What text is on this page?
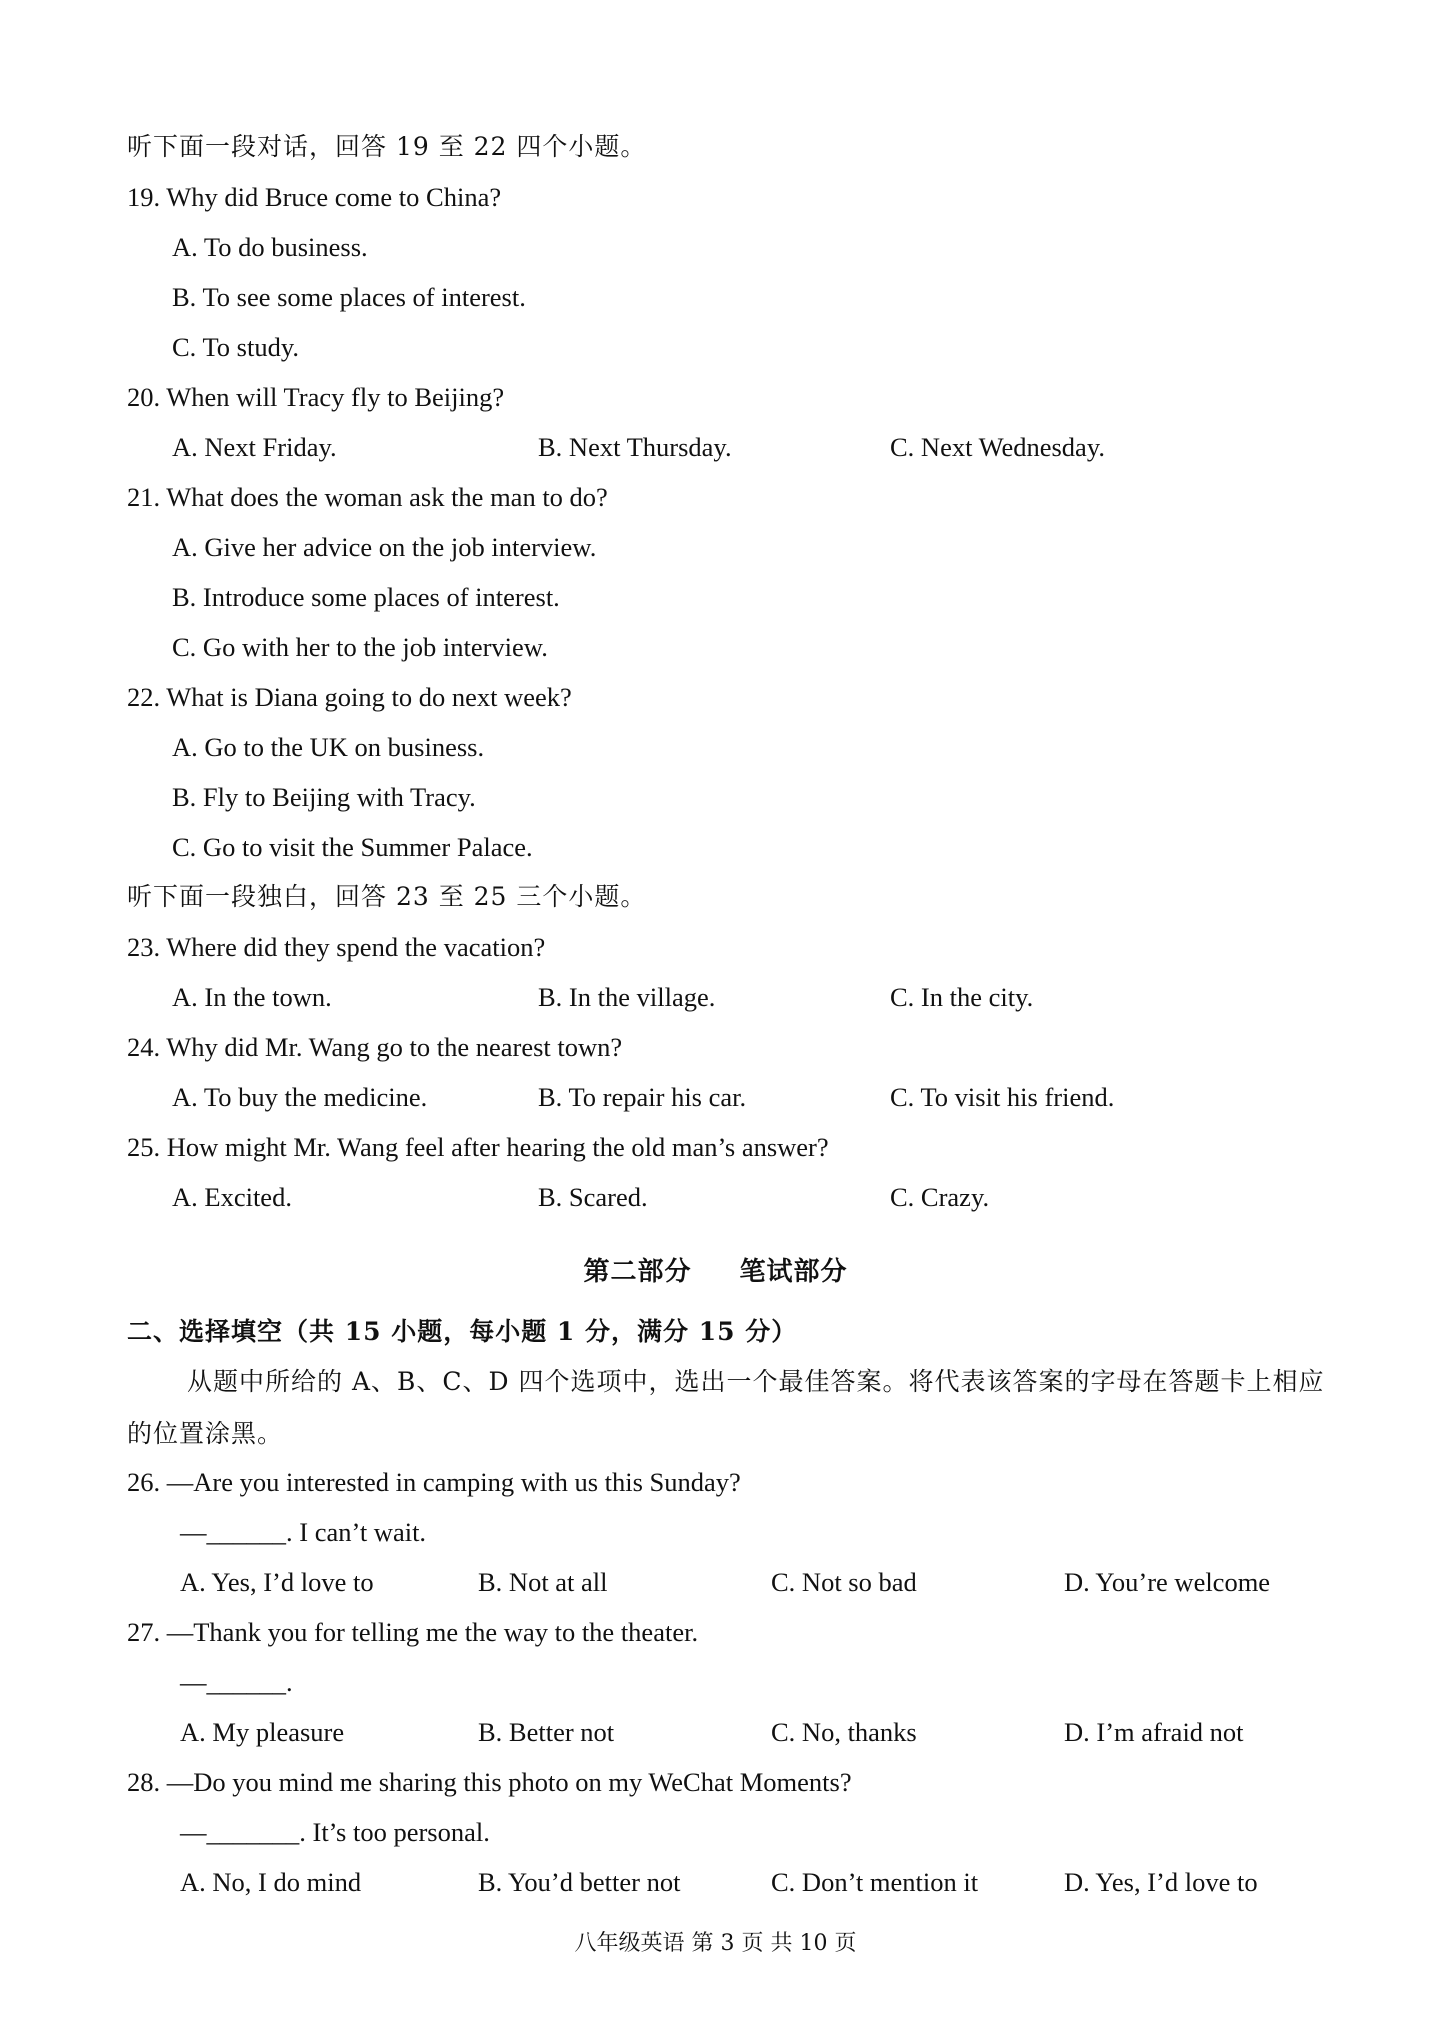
听下面一段对话，回答 19 至 22 四个小题。
19. Why did Bruce come to China?
A. To do business.
B. To see some places of interest.
C. To study.
20. When will Tracy fly to Beijing?
A. Next Friday.	B. Next Thursday.	C. Next Wednesday.
21. What does the woman ask the man to do?
A. Give her advice on the job interview.
B. Introduce some places of interest.
C. Go with her to the job interview.
22. What is Diana going to do next week?
A. Go to the UK on business.
B. Fly to Beijing with Tracy.
C. Go to visit the Summer Palace.
听下面一段独白，回答 23 至 25 三个小题。
23. Where did they spend the vacation?
A. In the town.	B. In the village.	C. In the city.
24. Why did Mr. Wang go to the nearest town?
A. To buy the medicine.	B. To repair his car.	C. To visit his friend.
25. How might Mr. Wang feel after hearing the old man’s answer?
A. Excited.	B. Scared.	C. Crazy.
第二部分 笔试部分
二、选择填空（共 15 小题，每小题 1 分，满分 15 分）
从题中所给的 A、B、C、D 四个选项中，选出一个最佳答案。将代表该答案的字母在答题卡上相应的位置涂黑。
26. —Are you interested in camping with us this Sunday?
—______. I can’t wait.
A. Yes, I’d love to	B. Not at all	C. Not so bad	D. You’re welcome
27. —Thank you for telling me the way to the theater.
—______.
A. My pleasure	B. Better not	C. No, thanks	D. I’m afraid not
28. —Do you mind me sharing this photo on my WeChat Moments?
—_______. It’s too personal.
A. No, I do mind	B. You’d better not	C. Don’t mention it	D. Yes, I’d love to
八年级英语 第 3 页 共 10 页
